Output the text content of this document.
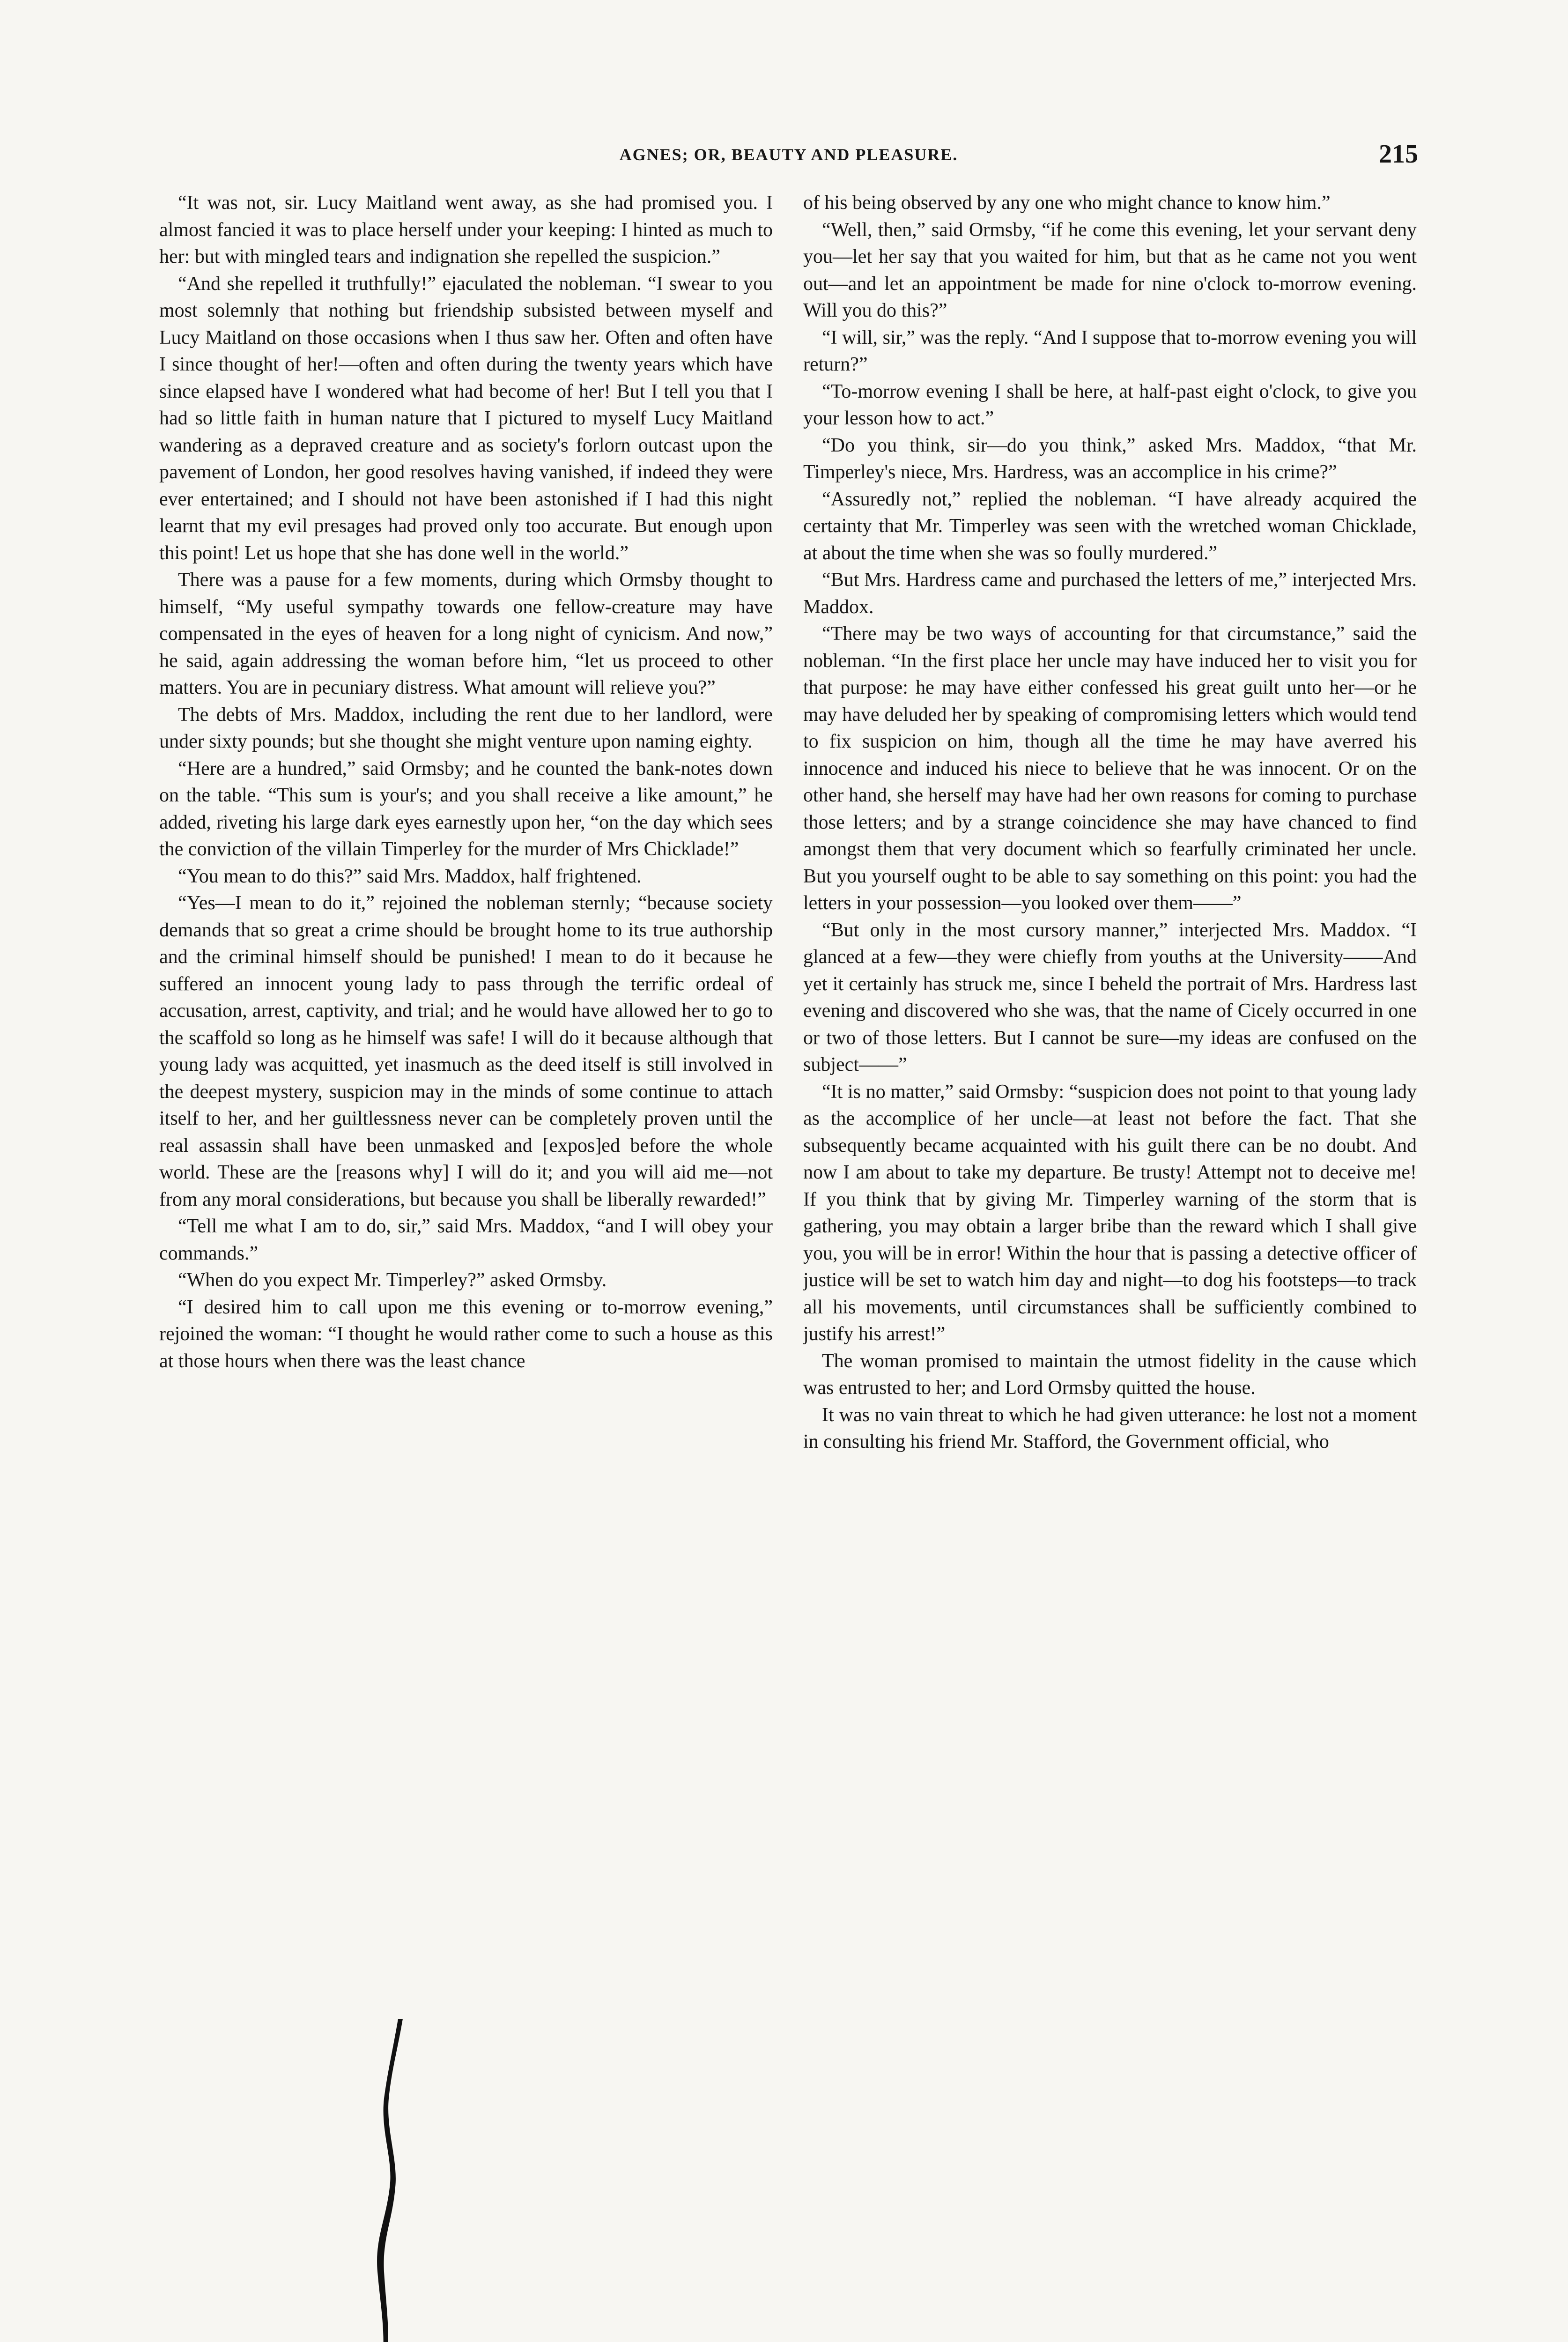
AGNES; OR, BEAUTY AND PLEASURE.	215

“It was not, sir. Lucy Maitland went away, as she had promised you. I almost fancied it was to place herself under your keeping: I hinted as much to her: but with mingled tears and indignation she repelled the suspicion.”

“And she repelled it truthfully!” ejaculated the nobleman. “I swear to you most solemnly that nothing but friendship subsisted between myself and Lucy Maitland on those occasions when I thus saw her. Often and often have I since thought of her!—often and often during the twenty years which have since elapsed have I wondered what had become of her! But I tell you that I had so little faith in human nature that I pictured to myself Lucy Maitland wandering as a depraved creature and as society's forlorn outcast upon the pavement of London, her good resolves having vanished, if indeed they were ever entertained; and I should not have been astonished if I had this night learnt that my evil presages had proved only too accurate. But enough upon this point! Let us hope that she has done well in the world.”

There was a pause for a few moments, during which Ormsby thought to himself, “My useful sympathy towards one fellow-creature may have compensated in the eyes of heaven for a long night of cynicism. And now,” he said, again addressing the woman before him, “let us proceed to other matters. You are in pecuniary distress. What amount will relieve you?”

The debts of Mrs. Maddox, including the rent due to her landlord, were under sixty pounds; but she thought she might venture upon naming eighty.

“Here are a hundred,” said Ormsby; and he counted the bank-notes down on the table. “This sum is your's; and you shall receive a like amount,” he added, riveting his large dark eyes earnestly upon her, “on the day which sees the conviction of the villain Timperley for the murder of Mrs Chicklade!”

“You mean to do this?” said Mrs. Maddox, half frightened.

“Yes—I mean to do it,” rejoined the nobleman sternly; “because society demands that so great a crime should be brought home to its true authorship and the criminal himself should be punished! I mean to do it because he suffered an innocent young lady to pass through the terrific ordeal of accusation, arrest, captivity, and trial; and he would have allowed her to go to the scaffold so long as he himself was safe! I will do it because although that young lady was acquitted, yet inasmuch as the deed itself is still involved in the deepest mystery, suspicion may in the minds of some continue to attach itself to her, and her guiltlessness never can be completely proven until the real assassin shall have been unmasked and [expos]ed before the whole world. These are the [reasons why] I will do it; and you will aid me—not from any moral considerations, but because you shall be liberally rewarded!”

“Tell me what I am to do, sir,” said Mrs. Maddox, “and I will obey your commands.”

“When do you expect Mr. Timperley?” asked Ormsby.

“I desired him to call upon me this evening or to-morrow evening,” rejoined the woman: “I thought he would rather come to such a house as this at those hours when there was the least chance

of his being observed by any one who might chance to know him.”

“Well, then,” said Ormsby, “if he come this evening, let your servant deny you—let her say that you waited for him, but that as he came not you went out—and let an appointment be made for nine o'clock to-morrow evening. Will you do this?”

“I will, sir,” was the reply. “And I suppose that to-morrow evening you will return?”

“To-morrow evening I shall be here, at half-past eight o'clock, to give you your lesson how to act.”

“Do you think, sir—do you think,” asked Mrs. Maddox, “that Mr. Timperley's niece, Mrs. Hardress, was an accomplice in his crime?”

“Assuredly not,” replied the nobleman. “I have already acquired the certainty that Mr. Timperley was seen with the wretched woman Chicklade, at about the time when she was so foully murdered.”

“But Mrs. Hardress came and purchased the letters of me,” interjected Mrs. Maddox.

“There may be two ways of accounting for that circumstance,” said the nobleman. “In the first place her uncle may have induced her to visit you for that purpose: he may have either confessed his great guilt unto her—or he may have deluded her by speaking of compromising letters which would tend to fix suspicion on him, though all the time he may have averred his innocence and induced his niece to believe that he was innocent. Or on the other hand, she herself may have had her own reasons for coming to purchase those letters; and by a strange coincidence she may have chanced to find amongst them that very document which so fearfully criminated her uncle. But you yourself ought to be able to say something on this point: you had the letters in your possession—you looked over them——”

“But only in the most cursory manner,” interjected Mrs. Maddox. “I glanced at a few—they were chiefly from youths at the University——And yet it certainly has struck me, since I beheld the portrait of Mrs. Hardress last evening and discovered who she was, that the name of Cicely occurred in one or two of those letters. But I cannot be sure—my ideas are confused on the subject——”

“It is no matter,” said Ormsby: “suspicion does not point to that young lady as the accomplice of her uncle—at least not before the fact. That she subsequently became acquainted with his guilt there can be no doubt. And now I am about to take my departure. Be trusty! Attempt not to deceive me! If you think that by giving Mr. Timperley warning of the storm that is gathering, you may obtain a larger bribe than the reward which I shall give you, you will be in error! Within the hour that is passing a detective officer of justice will be set to watch him day and night—to dog his footsteps—to track all his movements, until circumstances shall be sufficiently combined to justify his arrest!”

The woman promised to maintain the utmost fidelity in the cause which was entrusted to her; and Lord Ormsby quitted the house.

It was no vain threat to which he had given utterance: he lost not a moment in consulting his friend Mr. Stafford, the Government official, who
